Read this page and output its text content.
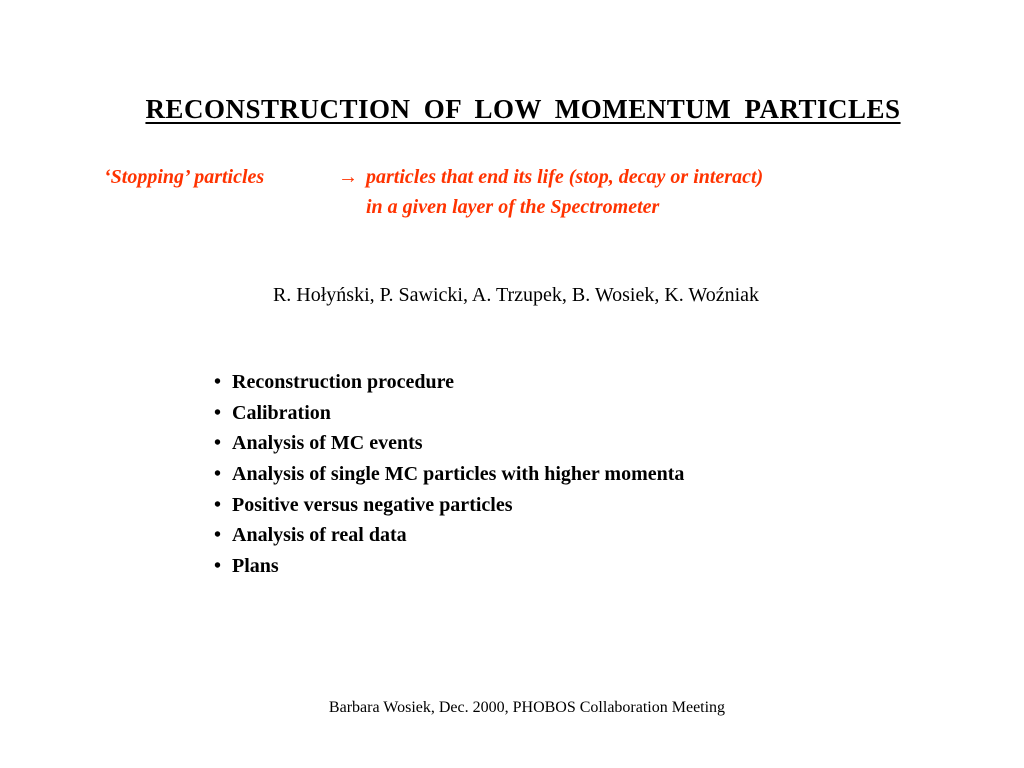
RECONSTRUCTION OF LOW MOMENTUM PARTICLES
‘Stopping’ particles	→ particles that end its life (stop, decay or interact)
in a given layer of the Spectrometer
R. Hołyński, P. Sawicki, A. Trzupek, B. Wosiek, K. Woźniak
• Reconstruction procedure
• Calibration
• Analysis of MC events
• Analysis of single MC particles with higher momenta
• Positive versus negative particles
• Analysis of real data
• Plans
Barbara Wosiek, Dec. 2000, PHOBOS Collaboration Meeting
